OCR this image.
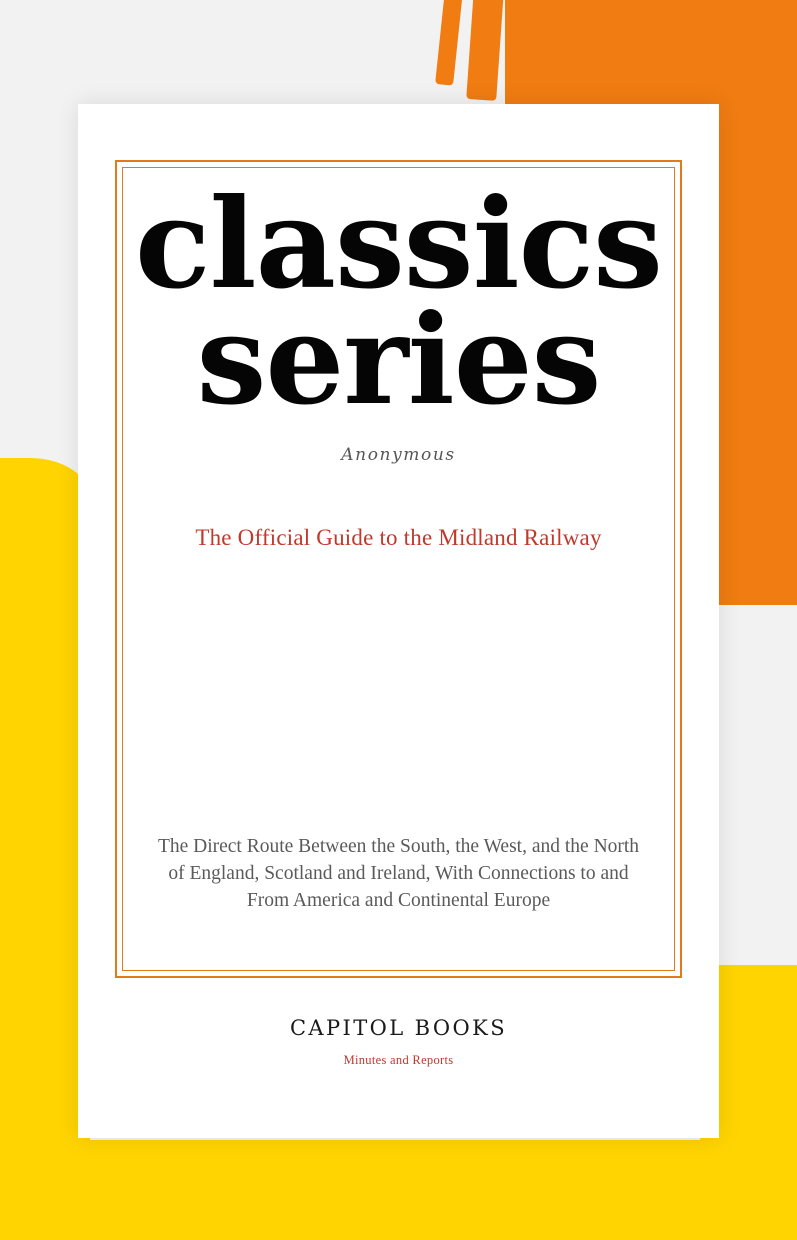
classics
series
Anonymous
The Official Guide to the Midland Railway
The Direct Route Between the South, the West, and the North of England, Scotland and Ireland, With Connections to and From America and Continental Europe
CAPITOL BOOKS
Minutes and Reports
